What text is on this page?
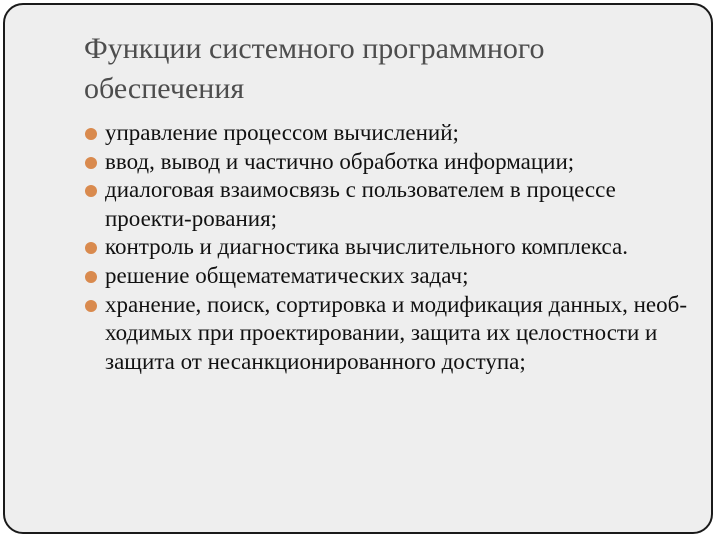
Функции системного программного обеспечения
управление процессом вычислений;
ввод, вывод и частично обработка информации;
диалоговая взаимосвязь с пользователем в процессе проекти-рования;
контроль и диагностика вычислительного комплекса.
решение общематематических задач;
хранение, поиск, сортировка и модификация данных, необ-ходимых при проектировании, защита их целостности и защита от несанкционированного доступа;
